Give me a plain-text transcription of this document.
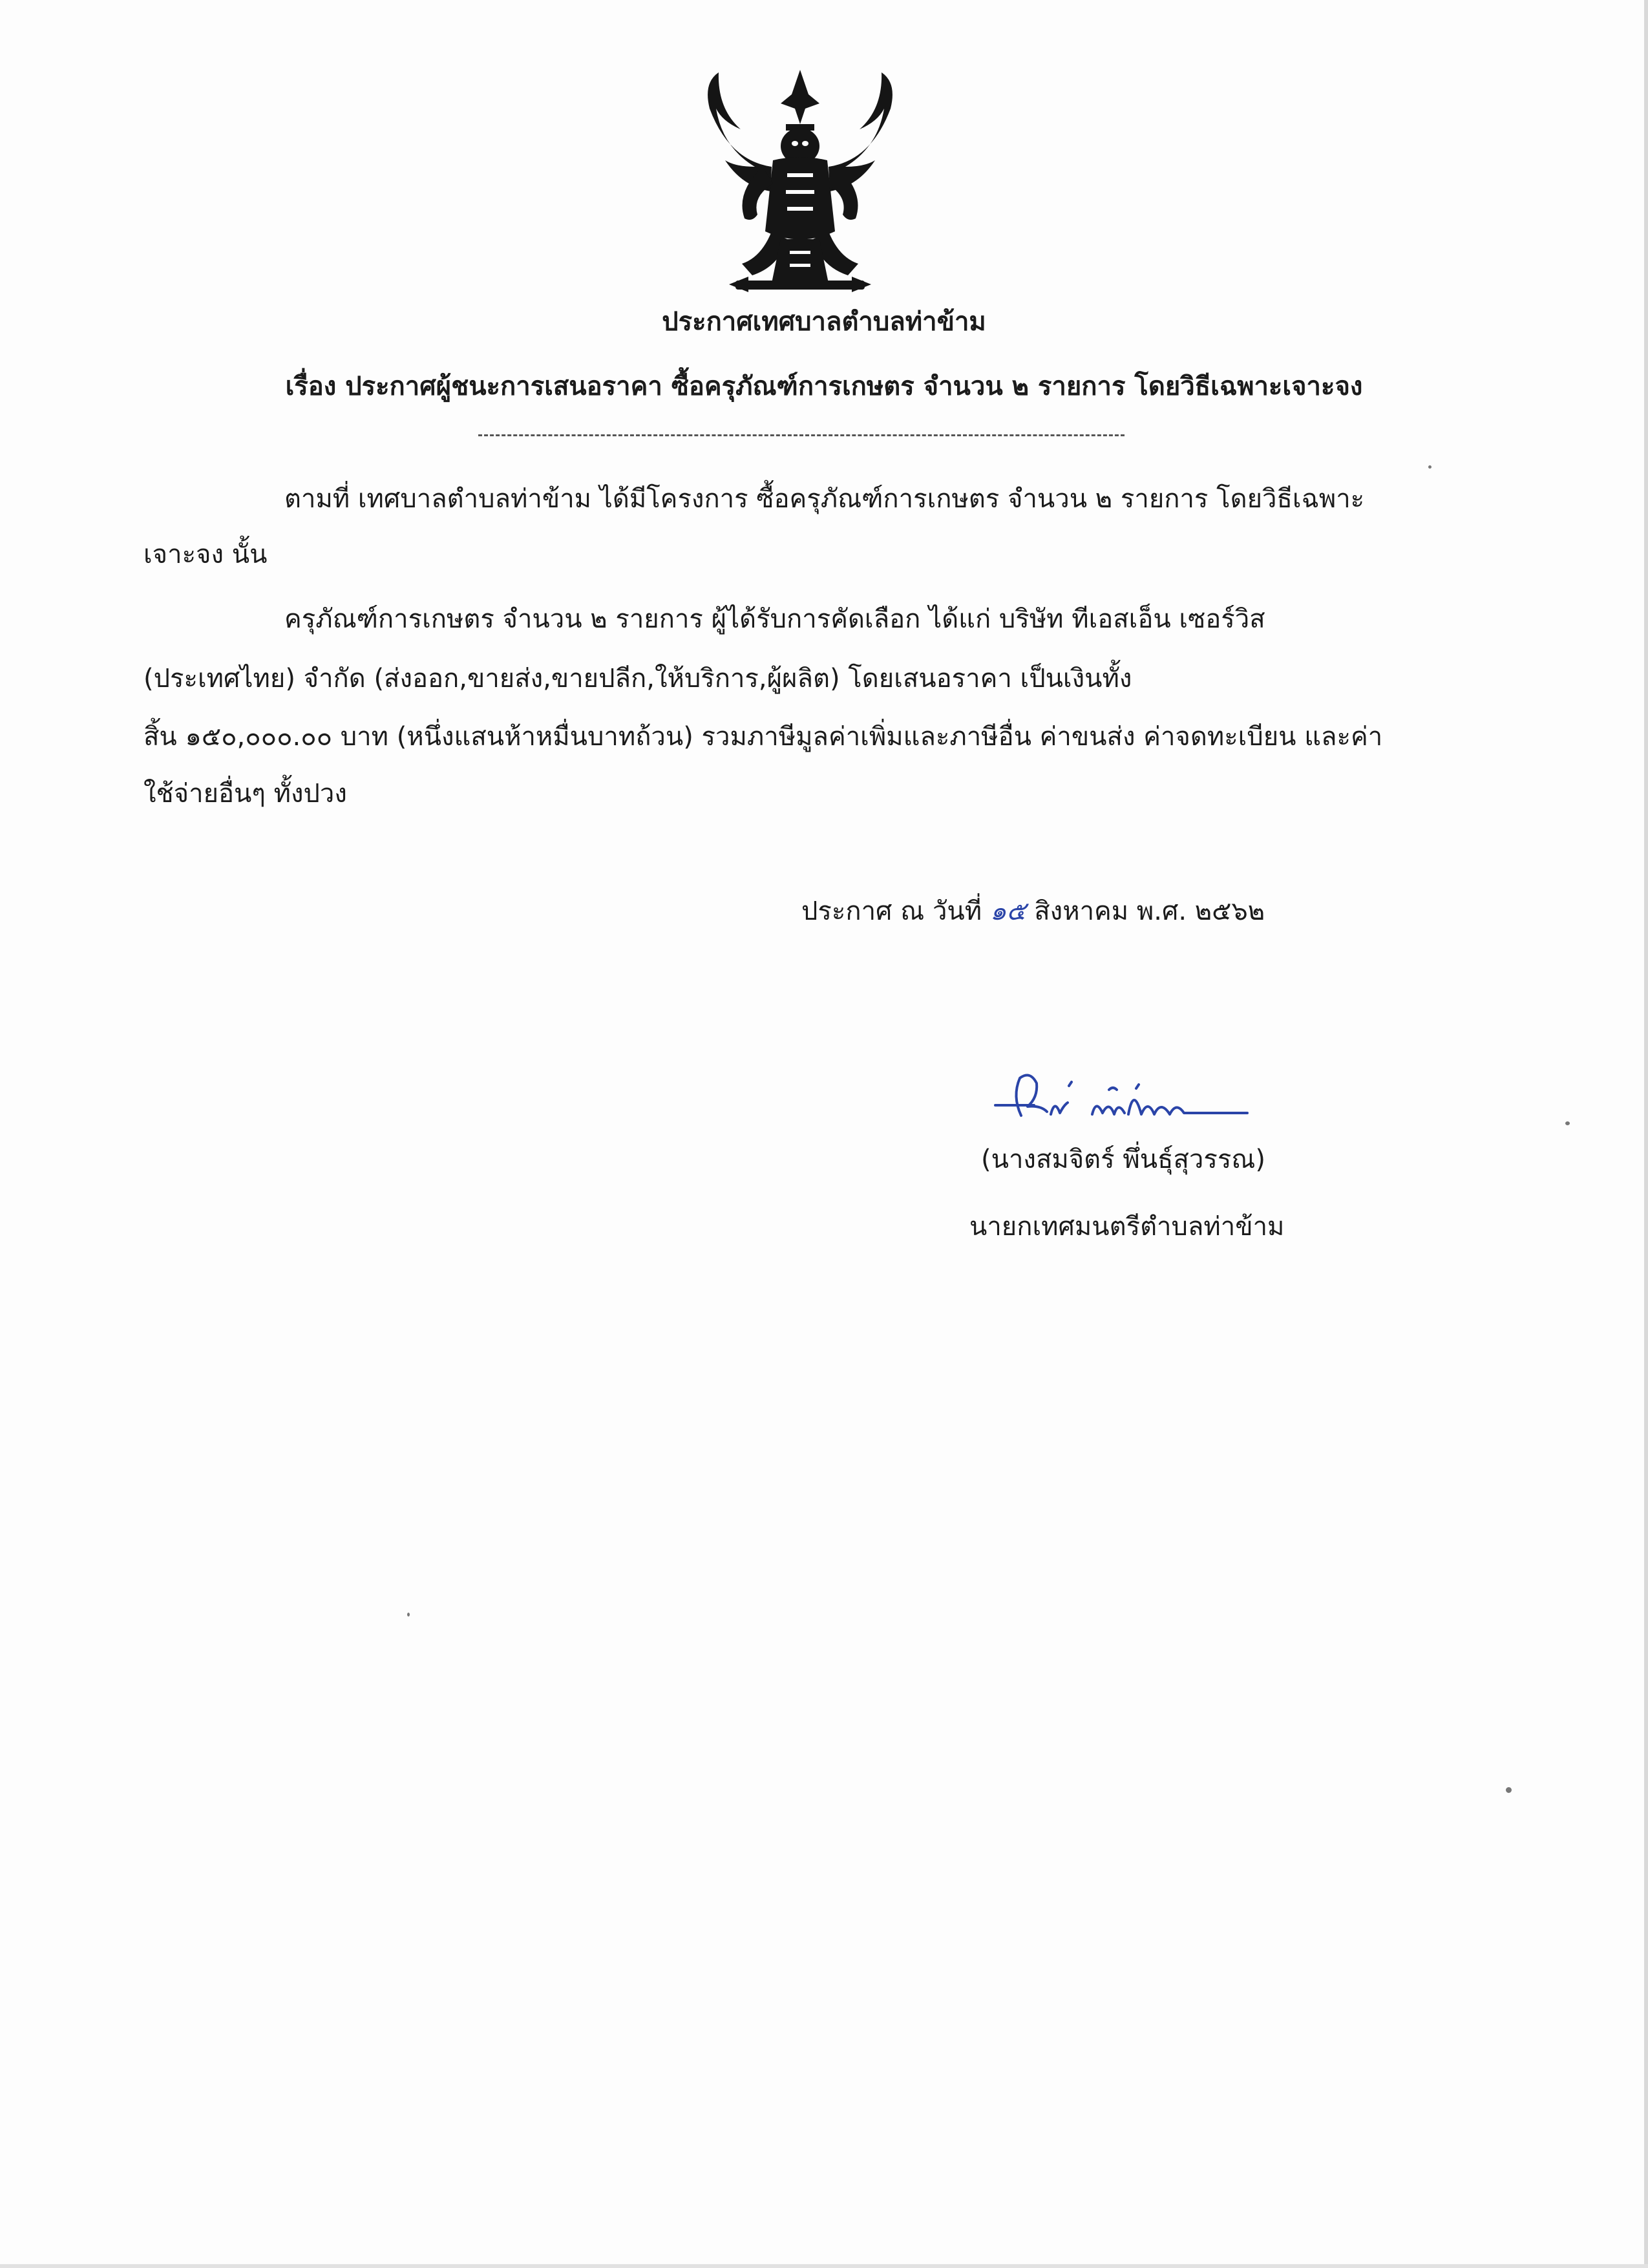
ประกาศเทศบาลตำบลท่าข้าม

เรื่อง ประกาศผู้ชนะการเสนอราคา ซื้อครุภัณฑ์การเกษตร จำนวน ๒ รายการ โดยวิธีเฉพาะเจาะจง

ตามที่ เทศบาลตำบลท่าข้าม ได้มีโครงการ ซื้อครุภัณฑ์การเกษตร จำนวน ๒ รายการ โดยวิธีเฉพาะ

เจาะจง นั้น

ครุภัณฑ์การเกษตร จำนวน ๒ รายการ ผู้ได้รับการคัดเลือก ได้แก่ บริษัท ทีเอสเอ็น เซอร์วิส

(ประเทศไทย) จำกัด (ส่งออก,ขายส่ง,ขายปลีก,ให้บริการ,ผู้ผลิต) โดยเสนอราคา เป็นเงินทั้ง

สิ้น ๑๕๐,๐๐๐.๐๐ บาท (หนึ่งแสนห้าหมื่นบาทถ้วน) รวมภาษีมูลค่าเพิ่มและภาษีอื่น ค่าขนส่ง ค่าจดทะเบียน และค่า

ใช้จ่ายอื่นๆ ทั้งปวง

ประกาศ ณ วันที่ ๑๕ สิงหาคม พ.ศ. ๒๕๖๒

(นางสมจิตร์ พึ่นธุ์สุวรรณ)

นายกเทศมนตรีตำบลท่าข้าม
